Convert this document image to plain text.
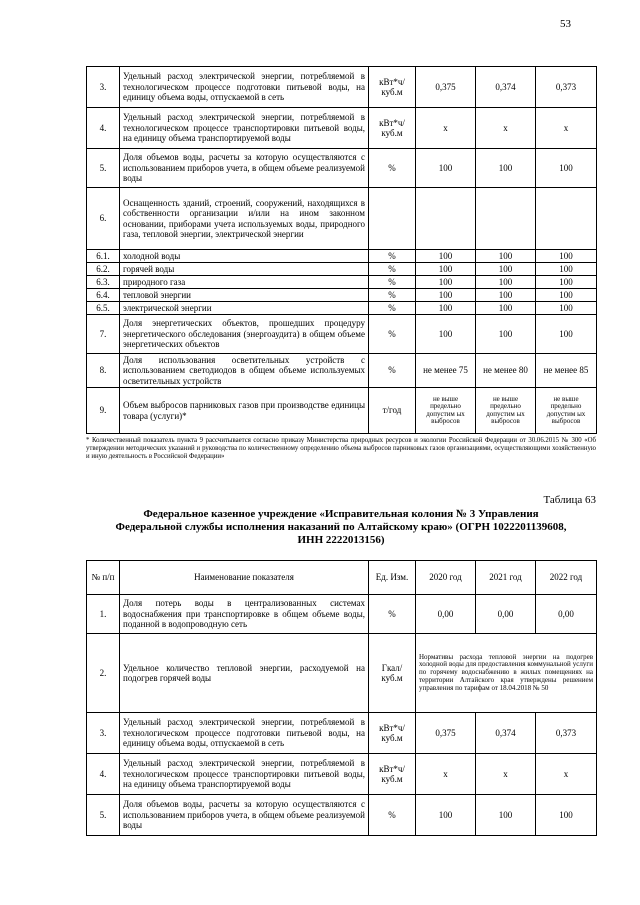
53
3.	Удельный расход электрической энергии, потребляемой в технологическом процессе подготовки питьевой воды, на единицу объема воды, отпускаемой в сеть	кВт*ч/ куб.м	0,375	0,374	0,373
4.	Удельный расход электрической энергии, потребляемой в технологическом процессе транспортировки питьевой воды, на единицу объема транспортируемой воды	кВт*ч/ куб.м	х	х	х
5.	Доля объемов воды, расчеты за которую осуществляются с использованием приборов учета, в общем объеме реализуемой воды	%	100	100	100
6.	Оснащенность зданий, строений, сооружений, находящихся в собственности организации и/или на ином законном основании, приборами учета используемых воды, природного газа, тепловой энергии, электрической энергии				
6.1.	холодной воды	%	100	100	100
6.2.	горячей воды	%	100	100	100
6.3.	природного газа	%	100	100	100
6.4.	тепловой энергии	%	100	100	100
6.5.	электрической энергии	%	100	100	100
7.	Доля энергетических объектов, прошедших процедуру энергетического обследования (энергоаудита) в общем объеме энергетических объектов	%	100	100	100
8.	Доля использования осветительных устройств с использованием светодиодов в общем объеме используемых осветительных устройств	%	не менее 75	не менее 80	не менее 85
9.	Объем выбросов парниковых газов при производстве единицы товара (услуги)*	т/год	не выше предельно допустим ых выбросов	не выше предельно допустим ых выбросов	не выше предельно допустим ых выбросов
* Количественный показатель пункта 9 рассчитывается согласно приказу Министерства природных ресурсов и экологии Российской Федерации от 30.06.2015 № 300 «Об утверждении методических указаний и руководства по количественному определению объема выбросов парниковых газов организациями, осуществляющими хозяйственную и иную деятельность в Российской Федерации»
Таблица 63
Федеральное казенное учреждение «Исправительная колония № 3 Управления Федеральной службы исполнения наказаний по Алтайскому краю» (ОГРН 1022201139608, ИНН 2222013156)
№ п/п	Наименование показателя	Ед. Изм.	2020 год	2021 год	2022 год
1.	Доля потерь воды в централизованных системах водоснабжения при транспортировке в общем объеме воды, поданной в водопроводную сеть	%	0,00	0,00	0,00
2.	Удельное количество тепловой энергии, расходуемой на подогрев горячей воды	Гкал/ куб.м	Нормативы расхода тепловой энергии на подогрев холодной воды для предоставления коммунальной услуги по горячему водоснабжению в жилых помещениях на территории Алтайского края утверждены решением управления по тарифам от 18.04.2018 № 50		
3.	Удельный расход электрической энергии, потребляемой в технологическом процессе подготовки питьевой воды, на единицу объема воды, отпускаемой в сеть	кВт*ч/ куб.м	0,375	0,374	0,373
4.	Удельный расход электрической энергии, потребляемой в технологическом процессе транспортировки питьевой воды, на единицу объема транспортируемой воды	кВт*ч/ куб.м	х	х	х
5.	Доля объемов воды, расчеты за которую осуществляются с использованием приборов учета, в общем объеме реализуемой воды	%	100	100	100
